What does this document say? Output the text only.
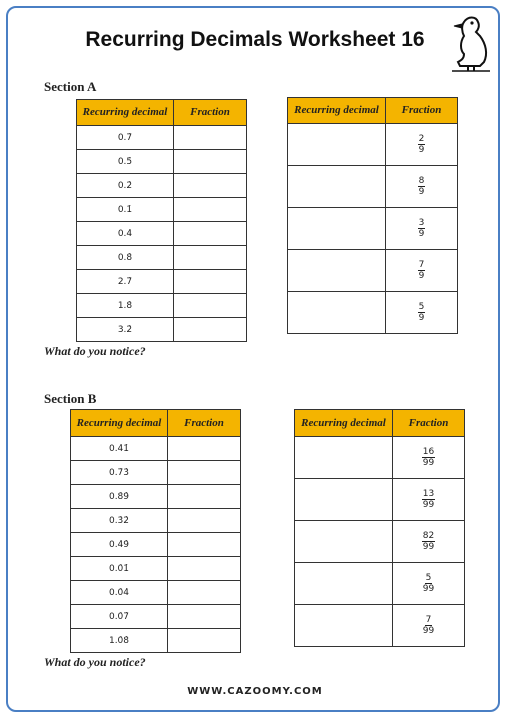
Recurring Decimals Worksheet 16
Section A
Recurring decimal	Fraction
0.7̇	
0.5̇	
0.2̇	
0.1̇	
0.4̇	
0.8̇	
2.7̇	
1.8̇	
3.2̇	
Recurring decimal	Fraction

	$\frac{2}{9}$

	$\frac{8}{9}$

	$\frac{3}{9}$

	$\frac{7}{9}$

	$\frac{5}{9}$
What do you notice?
Section B
Recurring decimal	Fraction
0.4̇1̇	
0.7̇3̇	
0.8̇9̇	
0.3̇2̇	
0.4̇9̇	
0.0̇1̇	
0.0̇4̇	
0.0̇7̇	
1.0̇8̇	
Recurring decimal	Fraction

	$\frac{16}{99}$

	$\frac{13}{99}$

	$\frac{82}{99}$

	$\frac{5}{99}$

	$\frac{7}{99}$
What do you notice?
WWW.CAZOOMY.COM
